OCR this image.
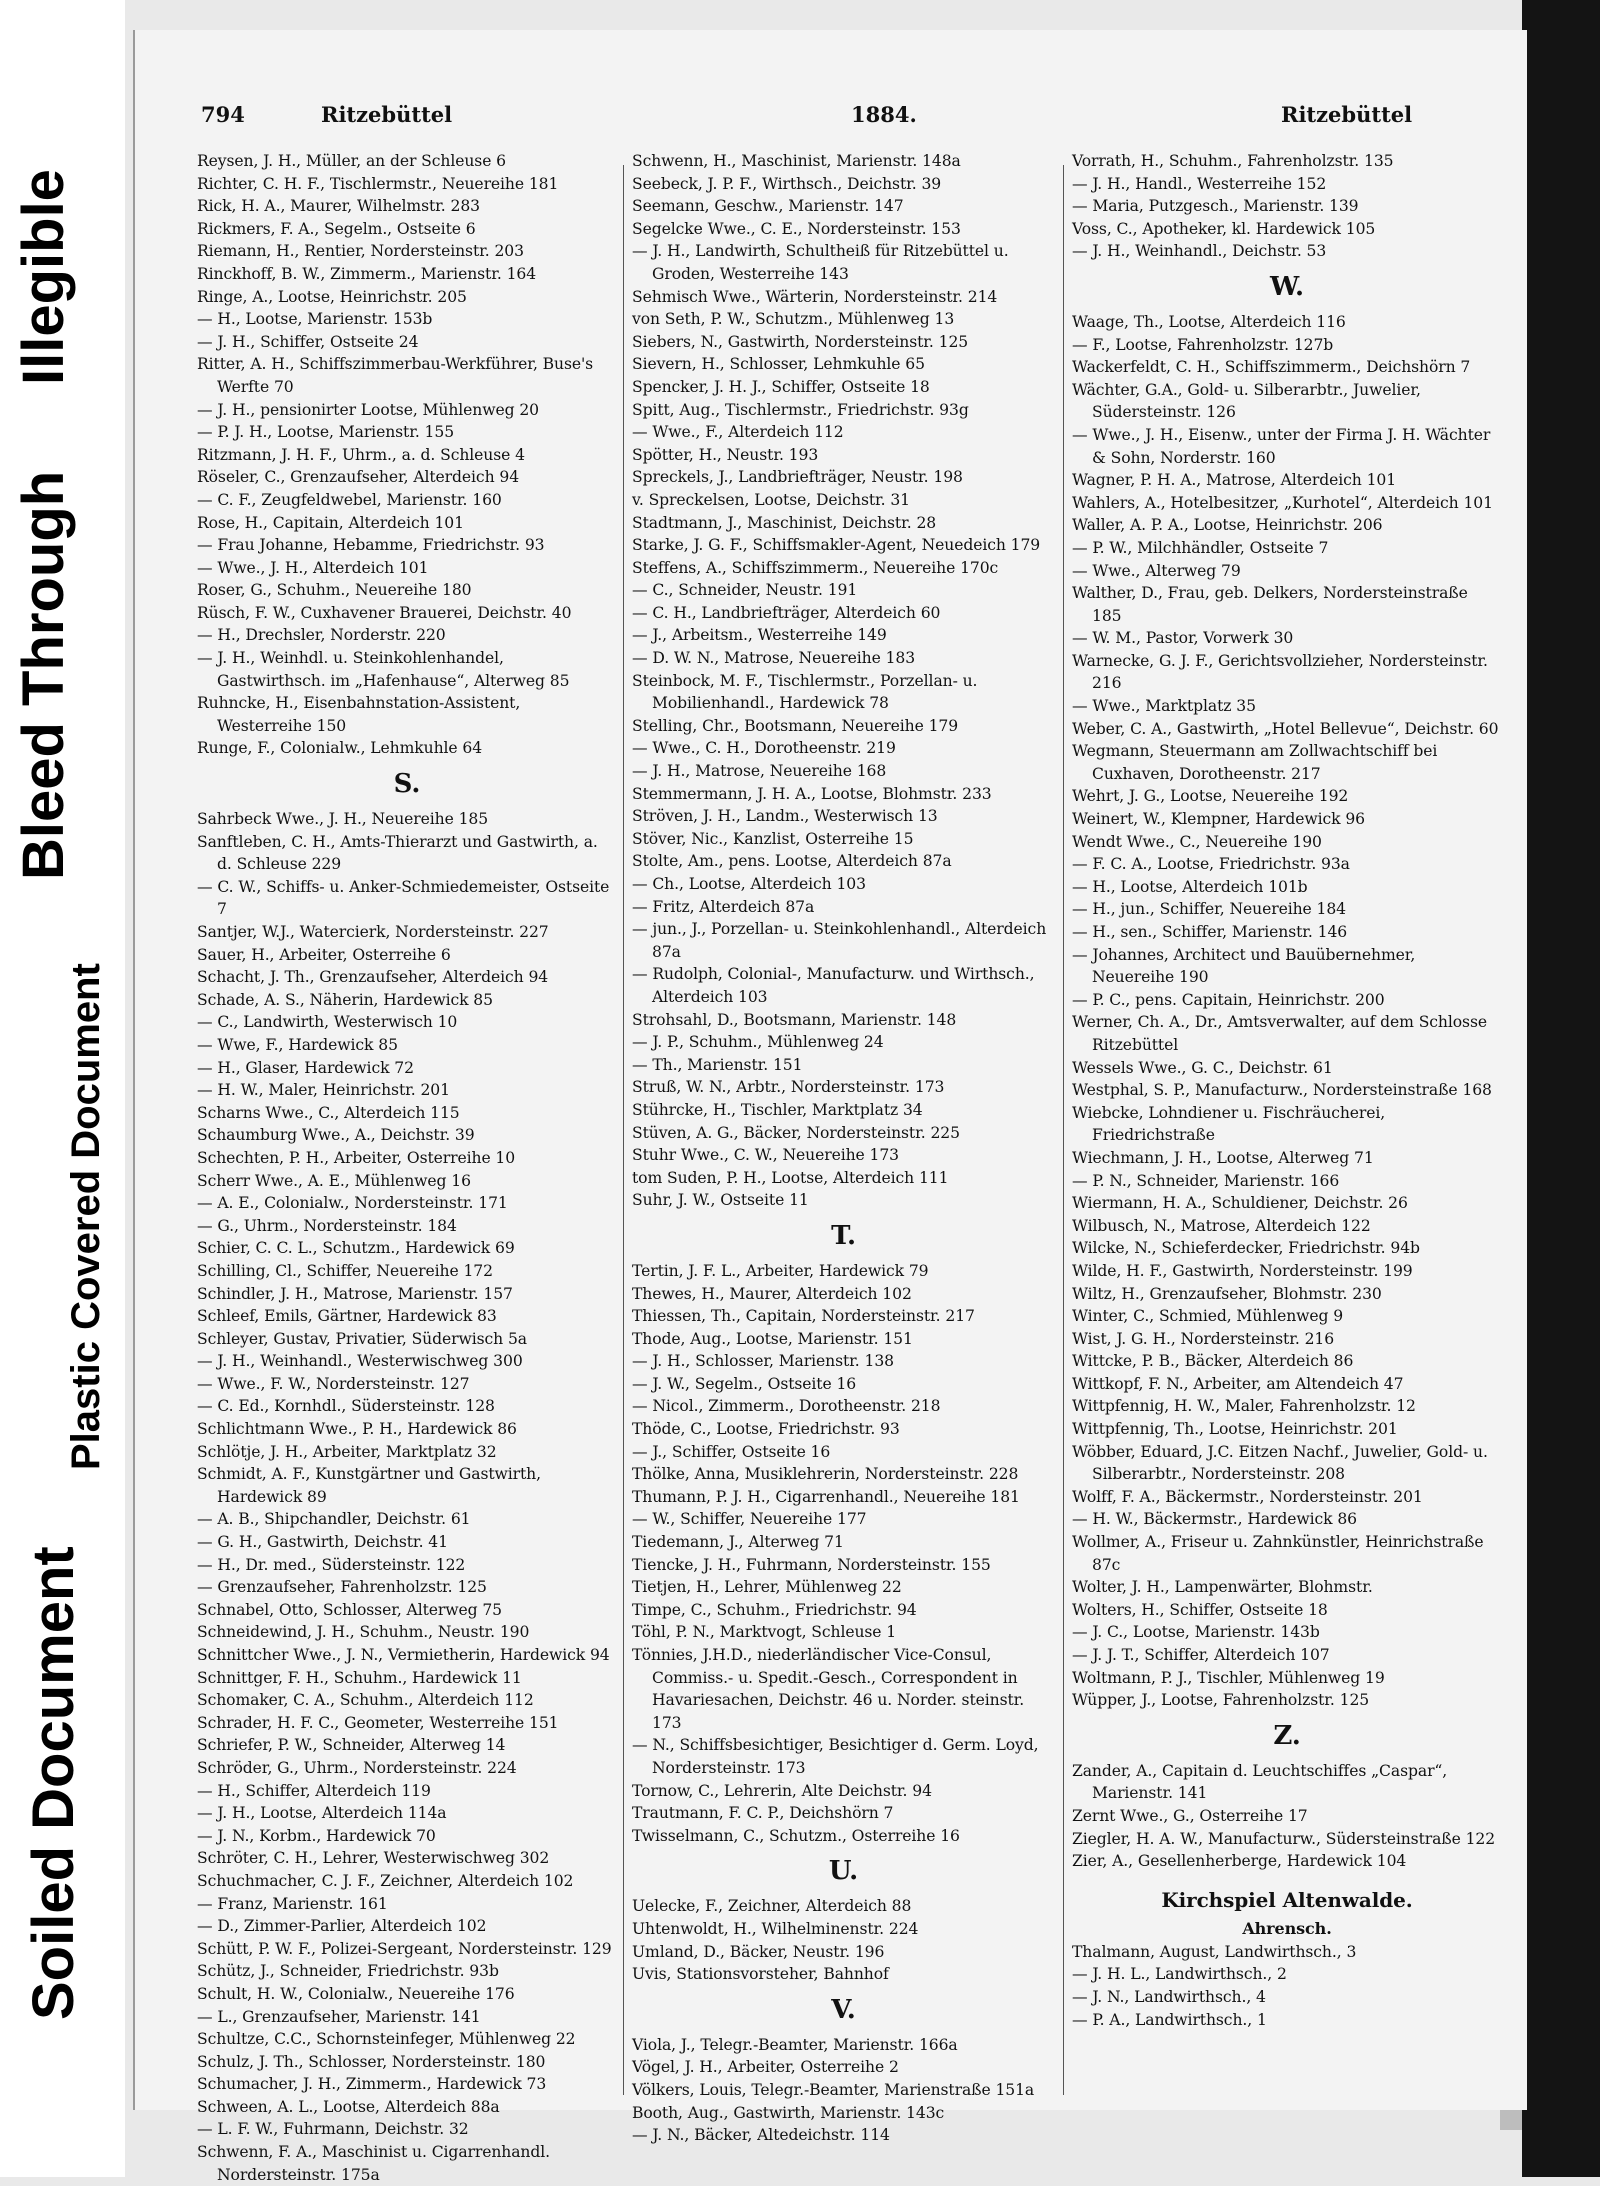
Bleed Through
Illegible
Plastic Covered Document
Soiled Document
794	Ritzebüttel	1884.	Ritzebüttel
Reysen, J. H., Müller, an der Schleuse 6
Richter, C. H. F., Tischlermstr., Neuereihe 181
Rick, H. A., Maurer, Wilhelmstr. 283
Rickmers, F. A., Segelm., Ostseite 6
Riemann, H., Rentier, Nordersteinstr. 203
Rinckhoff, B. W., Zimmerm., Marienstr. 164
Ringe, A., Lootse, Heinrichstr. 205
— H., Lootse, Marienstr. 153b
— J. H., Schiffer, Ostseite 24
Ritter, A. H., Schiffszimmerbau-Werkführer, Buse's Werfte 70
— J. H., pensionirter Lootse, Mühlenweg 20
— P. J. H., Lootse, Marienstr. 155
Ritzmann, J. H. F., Uhrm., a. d. Schleuse 4
Röseler, C., Grenzaufseher, Alterdeich 94
— C. F., Zeugfeldwebel, Marienstr. 160
Rose, H., Capitain, Alterdeich 101
— Frau Johanne, Hebamme, Friedrichstr. 93
— Wwe., J. H., Alterdeich 101
Roser, G., Schuhm., Neuereihe 180
Rüsch, F. W., Cuxhavener Brauerei, Deichstr. 40
— H., Drechsler, Norderstr. 220
— J. H., Weinhdl. u. Steinkohlenhandel, Gastwirthsch. im „Hafenhause“, Alterweg 85
Ruhncke, H., Eisenbahnstation-Assistent, Westerreihe 150
Runge, F., Colonialw., Lehmkuhle 64
S.
Sahrbeck Wwe., J. H., Neuereihe 185
Sanftleben, C. H., Amts-Thierarzt und Gastwirth, a. d. Schleuse 229
— C. W., Schiffs- u. Anker-Schmiedemeister, Ostseite 7
Santjer, W.J., Watercierk, Nordersteinstr. 227
Sauer, H., Arbeiter, Osterreihe 6
Schacht, J. Th., Grenzaufseher, Alterdeich 94
Schade, A. S., Näherin, Hardewick 85
— C., Landwirth, Westerwisch 10
— Wwe, F., Hardewick 85
— H., Glaser, Hardewick 72
— H. W., Maler, Heinrichstr. 201
Scharns Wwe., C., Alterdeich 115
Schaumburg Wwe., A., Deichstr. 39
Schechten, P. H., Arbeiter, Osterreihe 10
Scherr Wwe., A. E., Mühlenweg 16
— A. E., Colonialw., Nordersteinstr. 171
— G., Uhrm., Nordersteinstr. 184
Schier, C. C. L., Schutzm., Hardewick 69
Schilling, Cl., Schiffer, Neuereihe 172
Schindler, J. H., Matrose, Marienstr. 157
Schleef, Emils, Gärtner, Hardewick 83
Schleyer, Gustav, Privatier, Süderwisch 5a
— J. H., Weinhandl., Westerwischweg 300
— Wwe., F. W., Nordersteinstr. 127
— C. Ed., Kornhdl., Südersteinstr. 128
Schlichtmann Wwe., P. H., Hardewick 86
Schlötje, J. H., Arbeiter, Marktplatz 32
Schmidt, A. F., Kunstgärtner und Gastwirth, Hardewick 89
— A. B., Shipchandler, Deichstr. 61
— G. H., Gastwirth, Deichstr. 41
— H., Dr. med., Südersteinstr. 122
— Grenzaufseher, Fahrenholzstr. 125
Schnabel, Otto, Schlosser, Alterweg 75
Schneidewind, J. H., Schuhm., Neustr. 190
Schnittcher Wwe., J. N., Vermietherin, Hardewick 94
Schnittger, F. H., Schuhm., Hardewick 11
Schomaker, C. A., Schuhm., Alterdeich 112
Schrader, H. F. C., Geometer, Westerreihe 151
Schriefer, P. W., Schneider, Alterweg 14
Schröder, G., Uhrm., Nordersteinstr. 224
— H., Schiffer, Alterdeich 119
— J. H., Lootse, Alterdeich 114a
— J. N., Korbm., Hardewick 70
Schröter, C. H., Lehrer, Westerwischweg 302
Schuchmacher, C. J. F., Zeichner, Alterdeich 102
— Franz, Marienstr. 161
— D., Zimmer-Parlier, Alterdeich 102
Schütt, P. W. F., Polizei-Sergeant, Nordersteinstr. 129
Schütz, J., Schneider, Friedrichstr. 93b
Schult, H. W., Colonialw., Neuereihe 176
— L., Grenzaufseher, Marienstr. 141
Schultze, C.C., Schornsteinfeger, Mühlenweg 22
Schulz, J. Th., Schlosser, Nordersteinstr. 180
Schumacher, J. H., Zimmerm., Hardewick 73
Schween, A. L., Lootse, Alterdeich 88a
— L. F. W., Fuhrmann, Deichstr. 32
Schwenn, F. A., Maschinist u. Cigarrenhandl. Nordersteinstr. 175a
Schwenn, H., Maschinist, Marienstr. 148a
Seebeck, J. P. F., Wirthsch., Deichstr. 39
Seemann, Geschw., Marienstr. 147
Segelcke Wwe., C. E., Nordersteinstr. 153
— J. H., Landwirth, Schultheiß für Ritzebüttel u. Groden, Westerreihe 143
Sehmisch Wwe., Wärterin, Nordersteinstr. 214
von Seth, P. W., Schutzm., Mühlenweg 13
Siebers, N., Gastwirth, Nordersteinstr. 125
Sievern, H., Schlosser, Lehmkuhle 65
Spencker, J. H. J., Schiffer, Ostseite 18
Spitt, Aug., Tischlermstr., Friedrichstr. 93g
— Wwe., F., Alterdeich 112
Spötter, H., Neustr. 193
Spreckels, J., Landbriefträger, Neustr. 198
v. Spreckelsen, Lootse, Deichstr. 31
Stadtmann, J., Maschinist, Deichstr. 28
Starke, J. G. F., Schiffsmakler-Agent, Neuedeich 179
Steffens, A., Schiffszimmerm., Neuereihe 170c
— C., Schneider, Neustr. 191
— C. H., Landbriefträger, Alterdeich 60
— J., Arbeitsm., Westerreihe 149
— D. W. N., Matrose, Neuereihe 183
Steinbock, M. F., Tischlermstr., Porzellan- u. Mobilienhandl., Hardewick 78
Stelling, Chr., Bootsmann, Neuereihe 179
— Wwe., C. H., Dorotheenstr. 219
— J. H., Matrose, Neuereihe 168
Stemmermann, J. H. A., Lootse, Blohmstr. 233
Ströven, J. H., Landm., Westerwisch 13
Stöver, Nic., Kanzlist, Osterreihe 15
Stolte, Am., pens. Lootse, Alterdeich 87a
— Ch., Lootse, Alterdeich 103
— Fritz, Alterdeich 87a
— jun., J., Porzellan- u. Steinkohlenhandl., Alterdeich 87a
— Rudolph, Colonial-, Manufacturw. und Wirthsch., Alterdeich 103
Strohsahl, D., Bootsmann, Marienstr. 148
— J. P., Schuhm., Mühlenweg 24
— Th., Marienstr. 151
Struß, W. N., Arbtr., Nordersteinstr. 173
Stührcke, H., Tischler, Marktplatz 34
Stüven, A. G., Bäcker, Nordersteinstr. 225
Stuhr Wwe., C. W., Neuereihe 173
tom Suden, P. H., Lootse, Alterdeich 111
Suhr, J. W., Ostseite 11
T.
Tertin, J. F. L., Arbeiter, Hardewick 79
Thewes, H., Maurer, Alterdeich 102
Thiessen, Th., Capitain, Nordersteinstr. 217
Thode, Aug., Lootse, Marienstr. 151
— J. H., Schlosser, Marienstr. 138
— J. W., Segelm., Ostseite 16
— Nicol., Zimmerm., Dorotheenstr. 218
Thöde, C., Lootse, Friedrichstr. 93
— J., Schiffer, Ostseite 16
Thölke, Anna, Musiklehrerin, Nordersteinstr. 228
Thumann, P. J. H., Cigarrenhandl., Neuereihe 181
— W., Schiffer, Neuereihe 177
Tiedemann, J., Alterweg 71
Tiencke, J. H., Fuhrmann, Nordersteinstr. 155
Tietjen, H., Lehrer, Mühlenweg 22
Timpe, C., Schuhm., Friedrichstr. 94
Töhl, P. N., Marktvogt, Schleuse 1
Tönnies, J.H.D., niederländischer Vice-Consul, Commiss.- u. Spedit.-Gesch., Correspondent in Havariesachen, Deichstr. 46 u. Norder. steinstr. 173
— N., Schiffsbesichtiger, Besichtiger d. Germ. Loyd, Nordersteinstr. 173
Tornow, C., Lehrerin, Alte Deichstr. 94
Trautmann, F. C. P., Deichshörn 7
Twisselmann, C., Schutzm., Osterreihe 16
U.
Uelecke, F., Zeichner, Alterdeich 88
Uhtenwoldt, H., Wilhelminenstr. 224
Umland, D., Bäcker, Neustr. 196
Uvis, Stationsvorsteher, Bahnhof
V.
Viola, J., Telegr.-Beamter, Marienstr. 166a
Vögel, J. H., Arbeiter, Osterreihe 2
Völkers, Louis, Telegr.-Beamter, Marienstraße 151a
Booth, Aug., Gastwirth, Marienstr. 143c
— J. N., Bäcker, Altedeichstr. 114
Vorrath, H., Schuhm., Fahrenholzstr. 135
— J. H., Handl., Westerreihe 152
— Maria, Putzgesch., Marienstr. 139
Voss, C., Apotheker, kl. Hardewick 105
— J. H., Weinhandl., Deichstr. 53
W.
Waage, Th., Lootse, Alterdeich 116
— F., Lootse, Fahrenholzstr. 127b
Wackerfeldt, C. H., Schiffszimmerm., Deichshörn 7
Wächter, G.A., Gold- u. Silberarbtr., Juwelier, Südersteinstr. 126
— Wwe., J. H., Eisenw., unter der Firma J. H. Wächter & Sohn, Norderstr. 160
Wagner, P. H. A., Matrose, Alterdeich 101
Wahlers, A., Hotelbesitzer, „Kurhotel“, Alterdeich 101
Waller, A. P. A., Lootse, Heinrichstr. 206
— P. W., Milchhändler, Ostseite 7
— Wwe., Alterweg 79
Walther, D., Frau, geb. Delkers, Nordersteinstraße 185
— W. M., Pastor, Vorwerk 30
Warnecke, G. J. F., Gerichtsvollzieher, Nordersteinstr. 216
— Wwe., Marktplatz 35
Weber, C. A., Gastwirth, „Hotel Bellevue“, Deichstr. 60
Wegmann, Steuermann am Zollwachtschiff bei Cuxhaven, Dorotheenstr. 217
Wehrt, J. G., Lootse, Neuereihe 192
Weinert, W., Klempner, Hardewick 96
Wendt Wwe., C., Neuereihe 190
— F. C. A., Lootse, Friedrichstr. 93a
— H., Lootse, Alterdeich 101b
— H., jun., Schiffer, Neuereihe 184
— H., sen., Schiffer, Marienstr. 146
— Johannes, Architect und Bauübernehmer, Neuereihe 190
— P. C., pens. Capitain, Heinrichstr. 200
Werner, Ch. A., Dr., Amtsverwalter, auf dem Schlosse Ritzebüttel
Wessels Wwe., G. C., Deichstr. 61
Westphal, S. P., Manufacturw., Nordersteinstraße 168
Wiebcke, Lohndiener u. Fischräucherei, Friedrichstraße
Wiechmann, J. H., Lootse, Alterweg 71
— P. N., Schneider, Marienstr. 166
Wiermann, H. A., Schuldiener, Deichstr. 26
Wilbusch, N., Matrose, Alterdeich 122
Wilcke, N., Schieferdecker, Friedrichstr. 94b
Wilde, H. F., Gastwirth, Nordersteinstr. 199
Wiltz, H., Grenzaufseher, Blohmstr. 230
Winter, C., Schmied, Mühlenweg 9
Wist, J. G. H., Nordersteinstr. 216
Wittcke, P. B., Bäcker, Alterdeich 86
Wittkopf, F. N., Arbeiter, am Altendeich 47
Wittpfennig, H. W., Maler, Fahrenholzstr. 12
Wittpfennig, Th., Lootse, Heinrichstr. 201
Wöbber, Eduard, J.C. Eitzen Nachf., Juwelier, Gold- u. Silberarbtr., Nordersteinstr. 208
Wolff, F. A., Bäckermstr., Nordersteinstr. 201
— H. W., Bäckermstr., Hardewick 86
Wollmer, A., Friseur u. Zahnkünstler, Heinrichstraße 87c
Wolter, J. H., Lampenwärter, Blohmstr.
Wolters, H., Schiffer, Ostseite 18
— J. C., Lootse, Marienstr. 143b
— J. J. T., Schiffer, Alterdeich 107
Woltmann, P. J., Tischler, Mühlenweg 19
Wüpper, J., Lootse, Fahrenholzstr. 125
Z.
Zander, A., Capitain d. Leuchtschiffes „Caspar“, Marienstr. 141
Zernt Wwe., G., Osterreihe 17
Ziegler, H. A. W., Manufacturw., Südersteinstraße 122
Zier, A., Gesellenherberge, Hardewick 104
Kirchspiel Altenwalde.
Ahrensch.
Thalmann, August, Landwirthsch., 3
— J. H. L., Landwirthsch., 2
— J. N., Landwirthsch., 4
— P. A., Landwirthsch., 1
